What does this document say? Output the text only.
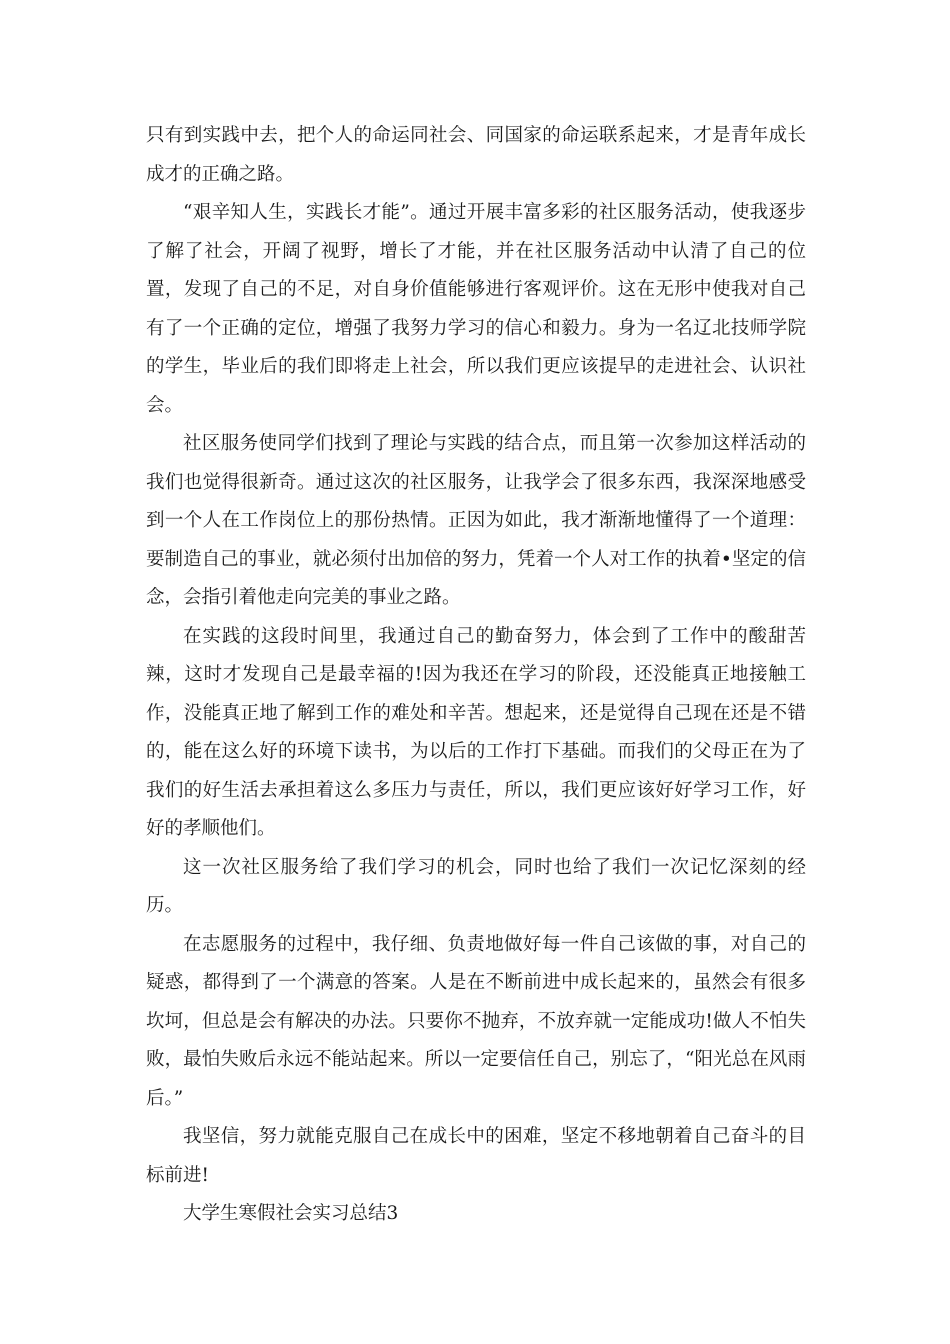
只有到实践中去，把个人的命运同社会、同国家的命运联系起来，才是青年成长成才的正确之路。

“艰辛知人生，实践长才能”。通过开展丰富多彩的社区服务活动，使我逐步了解了社会，开阔了视野，增长了才能，并在社区服务活动中认清了自己的位置，发现了自己的不足，对自身价值能够进行客观评价。这在无形中使我对自己有了一个正确的定位，增强了我努力学习的信心和毅力。身为一名辽北技师学院的学生，毕业后的我们即将走上社会，所以我们更应该提早的走进社会、认识社会。

社区服务使同学们找到了理论与实践的结合点，而且第一次参加这样活动的我们也觉得很新奇。通过这次的社区服务，让我学会了很多东西，我深深地感受到一个人在工作岗位上的那份热情。正因为如此，我才渐渐地懂得了一个道理：要制造自己的事业，就必须付出加倍的努力，凭着一个人对工作的执着•坚定的信念，会指引着他走向完美的事业之路。

在实践的这段时间里，我通过自己的勤奋努力，体会到了工作中的酸甜苦辣，这时才发现自己是最幸福的!因为我还在学习的阶段，还没能真正地接触工作，没能真正地了解到工作的难处和辛苦。想起来，还是觉得自己现在还是不错的，能在这么好的环境下读书，为以后的工作打下基础。而我们的父母正在为了我们的好生活去承担着这么多压力与责任，所以，我们更应该好好学习工作，好好的孝顺他们。

这一次社区服务给了我们学习的机会，同时也给了我们一次记忆深刻的经历。

在志愿服务的过程中，我仔细、负责地做好每一件自己该做的事，对自己的疑惑，都得到了一个满意的答案。人是在不断前进中成长起来的，虽然会有很多坎坷，但总是会有解决的办法。只要你不抛弃，不放弃就一定能成功!做人不怕失败，最怕失败后永远不能站起来。所以一定要信任自己，别忘了，“阳光总在风雨后。”

我坚信，努力就能克服自己在成长中的困难，坚定不移地朝着自己奋斗的目标前进!

大学生寒假社会实习总结3
